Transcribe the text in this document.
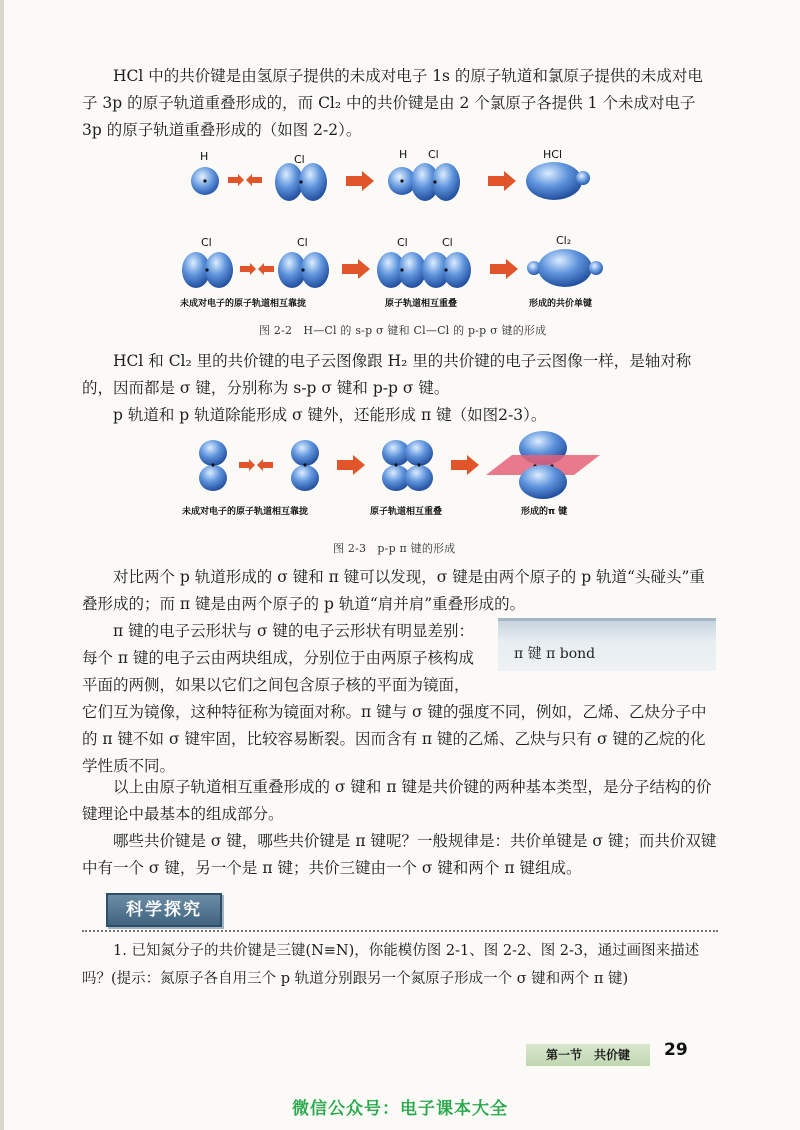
HCl 中的共价键是由氢原子提供的未成对电子 1s 的原子轨道和氯原子提供的未成对电子 3p 的原子轨道重叠形成的，而 Cl₂ 中的共价键是由 2 个氯原子各提供 1 个未成对电子 3p 的原子轨道重叠形成的（如图 2-2）。

H	Cl	H Cl	HCl
Cl	Cl	Cl	Cl	Cl₂
未成对电子的原子轨道相互靠拢	原子轨道相互重叠	形成的共价单键
图 2-2　H—Cl 的 s-p σ 键和 Cl—Cl 的 p-p σ 键的形成

HCl 和 Cl₂ 里的共价键的电子云图像跟 H₂ 里的共价键的电子云图像一样，是轴对称的，因而都是 σ 键，分别称为 s-p σ 键和 p-p σ 键。

p 轨道和 p 轨道除能形成 σ 键外，还能形成 π 键（如图2-3）。

未成对电子的原子轨道相互靠拢	原子轨道相互重叠	形成的π 键
图 2-3　p-p π 键的形成

对比两个 p 轨道形成的 σ 键和 π 键可以发现，σ 键是由两个原子的 p 轨道“头碰头”重叠形成的；而 π 键是由两个原子的 p 轨道“肩并肩”重叠形成的。

π 键 π bond

π 键的电子云形状与 σ 键的电子云形状有明显差别：每个 π 键的电子云由两块组成，分别位于由两原子核构成平面的两侧，如果以它们之间包含原子核的平面为镜面，

它们互为镜像，这种特征称为镜面对称。π 键与 σ 键的强度不同，例如，乙烯、乙炔分子中的 π 键不如 σ 键牢固，比较容易断裂。因而含有 π 键的乙烯、乙炔与只有 σ 键的乙烷的化学性质不同。

以上由原子轨道相互重叠形成的 σ 键和 π 键是共价键的两种基本类型，是分子结构的价键理论中最基本的组成部分。

哪些共价键是 σ 键，哪些共价键是 π 键呢？一般规律是：共价单键是 σ 键；而共价双键中有一个 σ 键，另一个是 π 键；共价三键由一个 σ 键和两个 π 键组成。

科学探究

1. 已知氮分子的共价键是三键(N≡N)，你能模仿图 2-1、图 2-2、图 2-3，通过画图来描述吗？(提示：氮原子各自用三个 p 轨道分别跟另一个氮原子形成一个 σ 键和两个 π 键)

第一节　共价键	29
微信公众号：电子课本大全
